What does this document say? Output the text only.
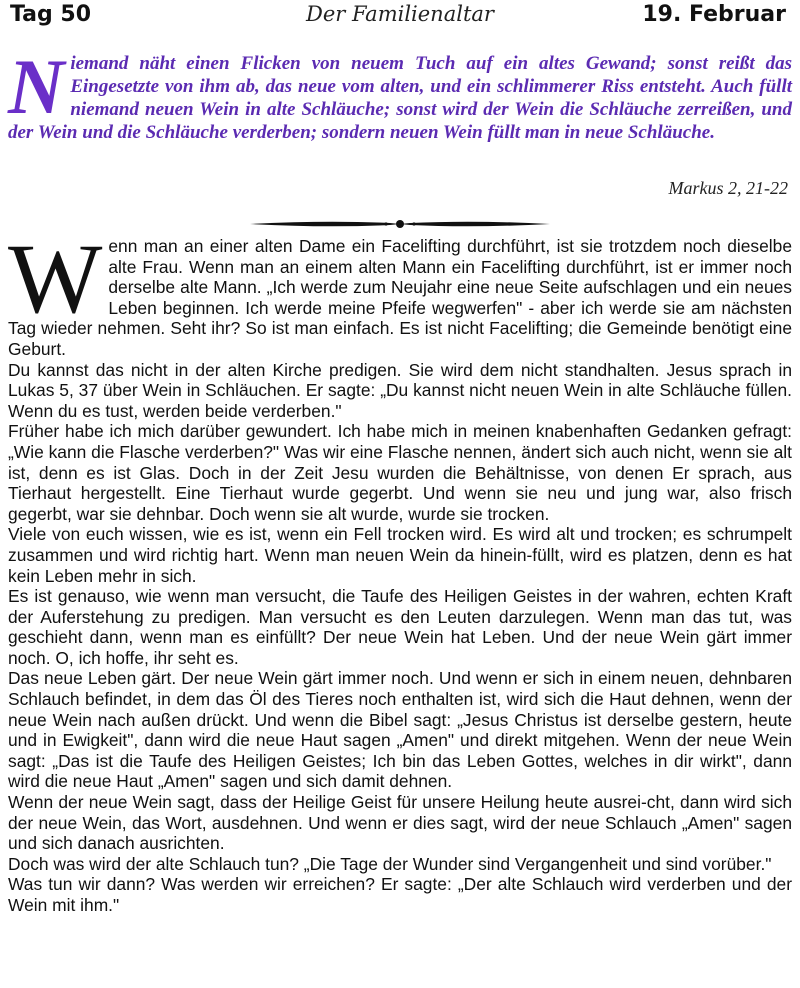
Tag 50	Der Familienaltar	19. Februar
N iemand näht einen Flicken von neuem Tuch auf ein altes Gewand; sonst reißt das Eingesetzte von ihm ab, das neue vom alten, und ein schlimmerer Riss entsteht. Auch füllt niemand neuen Wein in alte Schläuche; sonst wird der Wein die Schläuche zerreißen, und der Wein und die Schläuche verderben; sondern neuen Wein füllt man in neue Schläuche.
Markus 2, 21-22
W enn man an einer alten Dame ein Facelifting durchführt, ist sie trotzdem noch dieselbe alte Frau. Wenn man an einem alten Mann ein Facelifting durchführt, ist er immer noch derselbe alte Mann. „Ich werde zum Neujahr eine neue Seite aufschlagen und ein neues Leben beginnen. Ich werde meine Pfeife wegwerfen" - aber ich werde sie am nächsten Tag wieder nehmen. Seht ihr? So ist man einfach. Es ist nicht Facelifting; die Gemeinde benötigt eine Geburt.

Du kannst das nicht in der alten Kirche predigen. Sie wird dem nicht standhalten. Jesus sprach in Lukas 5, 37 über Wein in Schläuchen. Er sagte: „Du kannst nicht neuen Wein in alte Schläuche füllen. Wenn du es tust, werden beide verderben."

Früher habe ich mich darüber gewundert. Ich habe mich in meinen knabenhaften Gedanken gefragt: „Wie kann die Flasche verderben?" Was wir eine Flasche nennen, ändert sich auch nicht, wenn sie alt ist, denn es ist Glas. Doch in der Zeit Jesu wurden die Behältnisse, von denen Er sprach, aus Tierhaut hergestellt. Eine Tierhaut wurde gegerbt. Und wenn sie neu und jung war, also frisch gegerbt, war sie dehnbar. Doch wenn sie alt wurde, wurde sie trocken.

Viele von euch wissen, wie es ist, wenn ein Fell trocken wird. Es wird alt und trocken; es schrumpelt zusammen und wird richtig hart. Wenn man neuen Wein da hinein-füllt, wird es platzen, denn es hat kein Leben mehr in sich.

Es ist genauso, wie wenn man versucht, die Taufe des Heiligen Geistes in der wahren, echten Kraft der Auferstehung zu predigen. Man versucht es den Leuten darzulegen. Wenn man das tut, was geschieht dann, wenn man es einfüllt? Der neue Wein hat Leben. Und der neue Wein gärt immer noch. O, ich hoffe, ihr seht es.

Das neue Leben gärt. Der neue Wein gärt immer noch. Und wenn er sich in einem neuen, dehnbaren Schlauch befindet, in dem das Öl des Tieres noch enthalten ist, wird sich die Haut dehnen, wenn der neue Wein nach außen drückt. Und wenn die Bibel sagt: „Jesus Christus ist derselbe gestern, heute und in Ewigkeit", dann wird die neue Haut sagen „Amen" und direkt mitgehen. Wenn der neue Wein sagt: „Das ist die Taufe des Heiligen Geistes; Ich bin das Leben Gottes, welches in dir wirkt", dann wird die neue Haut „Amen" sagen und sich damit dehnen.

Wenn der neue Wein sagt, dass der Heilige Geist für unsere Heilung heute ausrei-cht, dann wird sich der neue Wein, das Wort, ausdehnen. Und wenn er dies sagt, wird der neue Schlauch „Amen" sagen und sich danach ausrichten.

Doch was wird der alte Schlauch tun? „Die Tage der Wunder sind Vergangenheit und sind vorüber."

Was tun wir dann? Was werden wir erreichen? Er sagte: „Der alte Schlauch wird verderben und der Wein mit ihm."
